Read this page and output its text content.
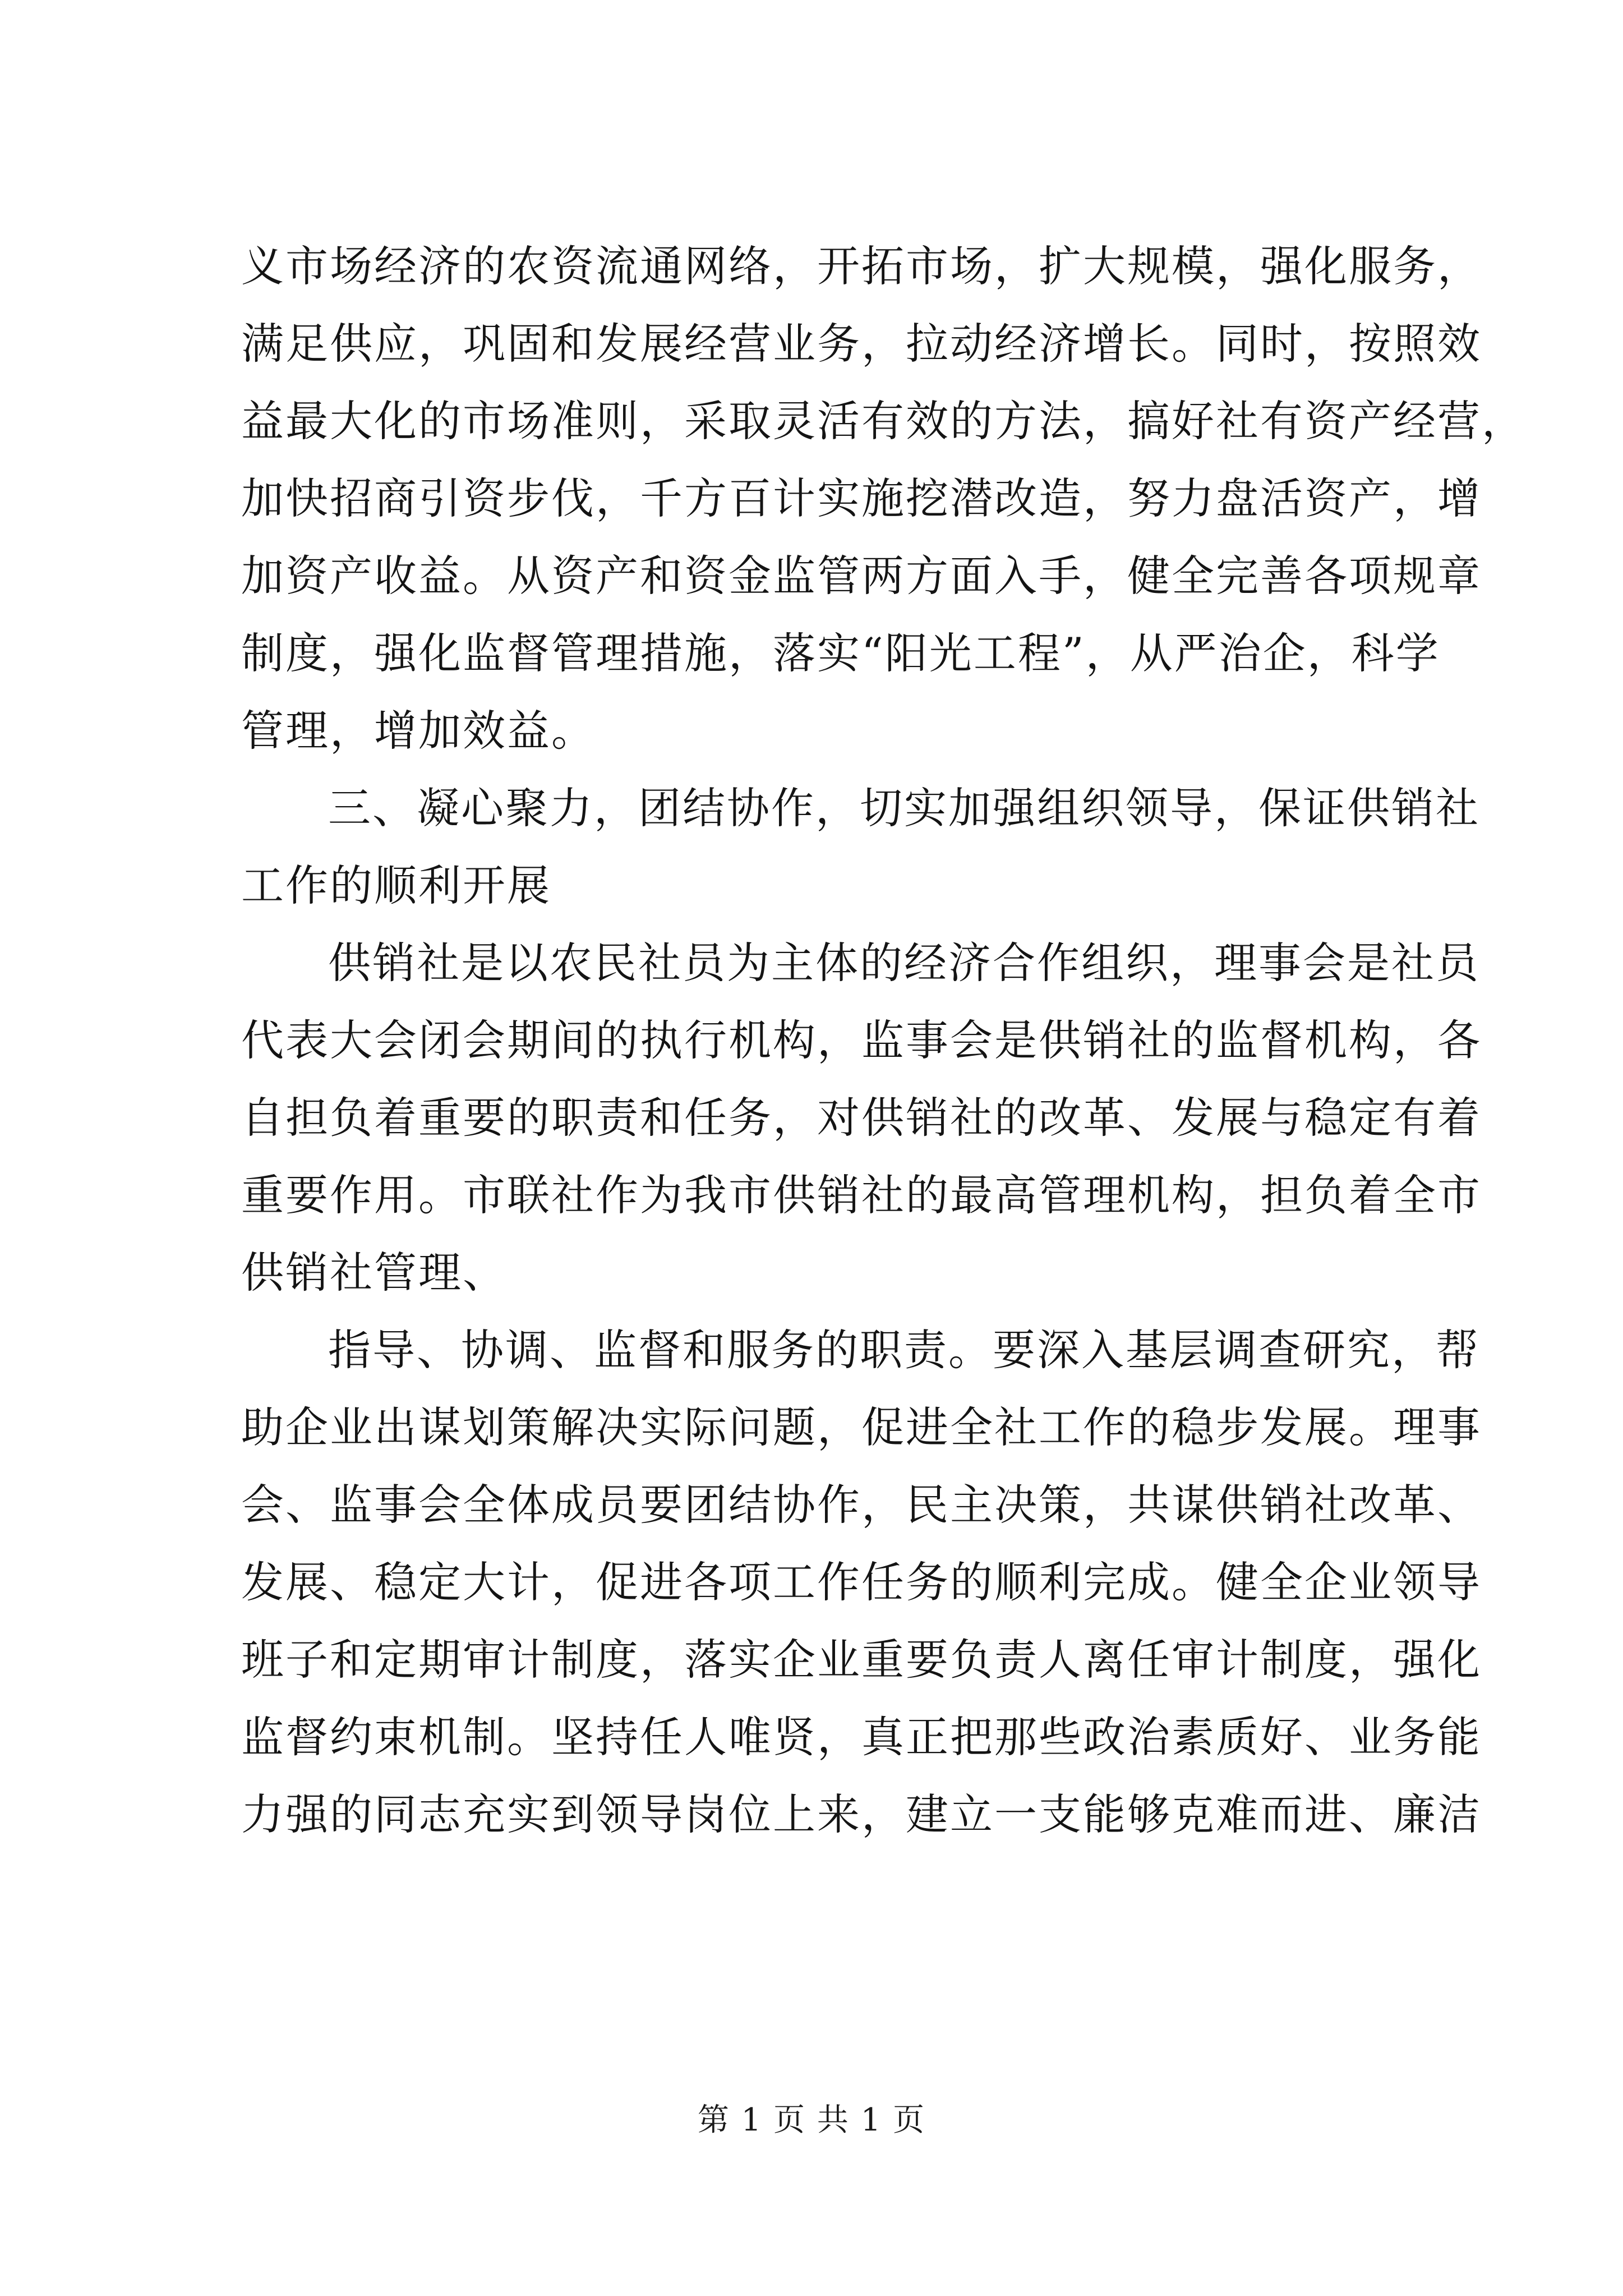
义市场经济的农资流通网络，开拓市场，扩大规模，强化服务，
满足供应，巩固和发展经营业务，拉动经济增长。同时，按照效
益最大化的市场准则，采取灵活有效的方法，搞好社有资产经营，
加快招商引资步伐，千方百计实施挖潜改造，努力盘活资产，增
加资产收益。从资产和资金监管两方面入手，健全完善各项规章
制度，强化监督管理措施，落实“阳光工程”，从严治企，科学
管理，增加效益。
三、凝心聚力，团结协作，切实加强组织领导，保证供销社
工作的顺利开展
供销社是以农民社员为主体的经济合作组织，理事会是社员
代表大会闭会期间的执行机构，监事会是供销社的监督机构，各
自担负着重要的职责和任务，对供销社的改革、发展与稳定有着
重要作用。市联社作为我市供销社的最高管理机构，担负着全市
供销社管理、
指导、协调、监督和服务的职责。要深入基层调查研究，帮
助企业出谋划策解决实际问题，促进全社工作的稳步发展。理事
会、监事会全体成员要团结协作，民主决策，共谋供销社改革、
发展、稳定大计，促进各项工作任务的顺利完成。健全企业领导
班子和定期审计制度，落实企业重要负责人离任审计制度，强化
监督约束机制。坚持任人唯贤，真正把那些政治素质好、业务能
力强的同志充实到领导岗位上来，建立一支能够克难而进、廉洁
第 1 页 共 1 页
